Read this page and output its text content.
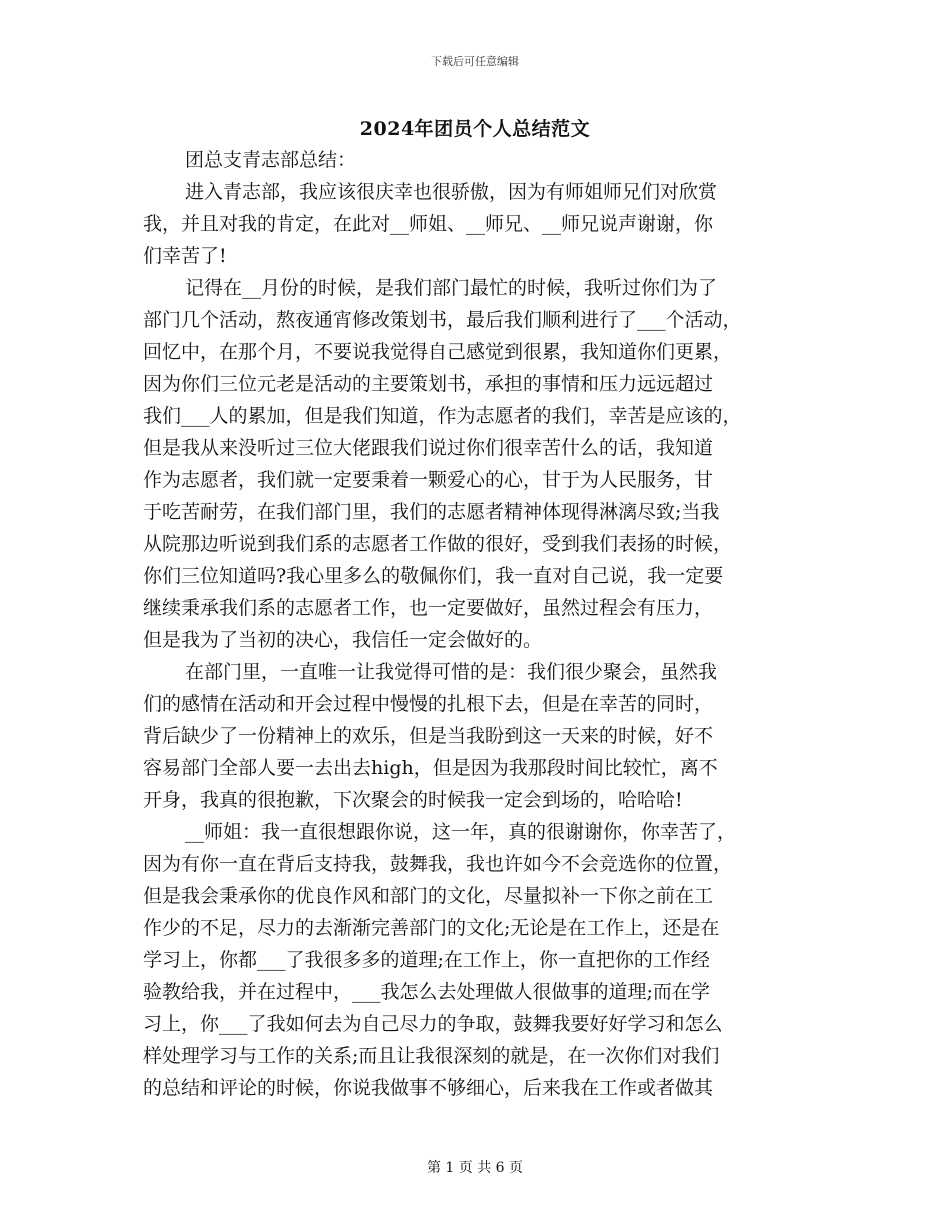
下载后可任意编辑
2024年团员个人总结范文
团总支青志部总结：
进入青志部，我应该很庆幸也很骄傲，因为有师姐师兄们对欣赏
我，并且对我的肯定，在此对__师姐、__师兄、__师兄说声谢谢，你
们幸苦了!
记得在__月份的时候，是我们部门最忙的时候，我听过你们为了
部门几个活动，熬夜通宵修改策划书，最后我们顺利进行了___个活动，
回忆中，在那个月，不要说我觉得自己感觉到很累，我知道你们更累，
因为你们三位元老是活动的主要策划书，承担的事情和压力远远超过
我们___人的累加，但是我们知道，作为志愿者的我们，幸苦是应该的，
但是我从来没听过三位大佬跟我们说过你们很幸苦什么的话，我知道
作为志愿者，我们就一定要秉着一颗爱心的心，甘于为人民服务，甘
于吃苦耐劳，在我们部门里，我们的志愿者精神体现得淋漓尽致;当我
从院那边听说到我们系的志愿者工作做的很好，受到我们表扬的时候，
你们三位知道吗?我心里多么的敬佩你们，我一直对自己说，我一定要
继续秉承我们系的志愿者工作，也一定要做好，虽然过程会有压力，
但是我为了当初的决心，我信任一定会做好的。
在部门里，一直唯一让我觉得可惜的是：我们很少聚会，虽然我
们的感情在活动和开会过程中慢慢的扎根下去，但是在幸苦的同时，
背后缺少了一份精神上的欢乐，但是当我盼到这一天来的时候，好不
容易部门全部人要一去出去high，但是因为我那段时间比较忙，离不
开身，我真的很抱歉，下次聚会的时候我一定会到场的，哈哈哈!
__师姐：我一直很想跟你说，这一年，真的很谢谢你，你幸苦了，
因为有你一直在背后支持我，鼓舞我，我也许如今不会竞选你的位置，
但是我会秉承你的优良作风和部门的文化，尽量拟补一下你之前在工
作少的不足，尽力的去渐渐完善部门的文化;无论是在工作上，还是在
学习上，你都___了我很多多的道理;在工作上，你一直把你的工作经
验教给我，并在过程中，___我怎么去处理做人很做事的道理;而在学
习上，你___了我如何去为自己尽力的争取，鼓舞我要好好学习和怎么
样处理学习与工作的关系;而且让我很深刻的就是，在一次你们对我们
的总结和评论的时候，你说我做事不够细心，后来我在工作或者做其
第 1 页 共 6 页
